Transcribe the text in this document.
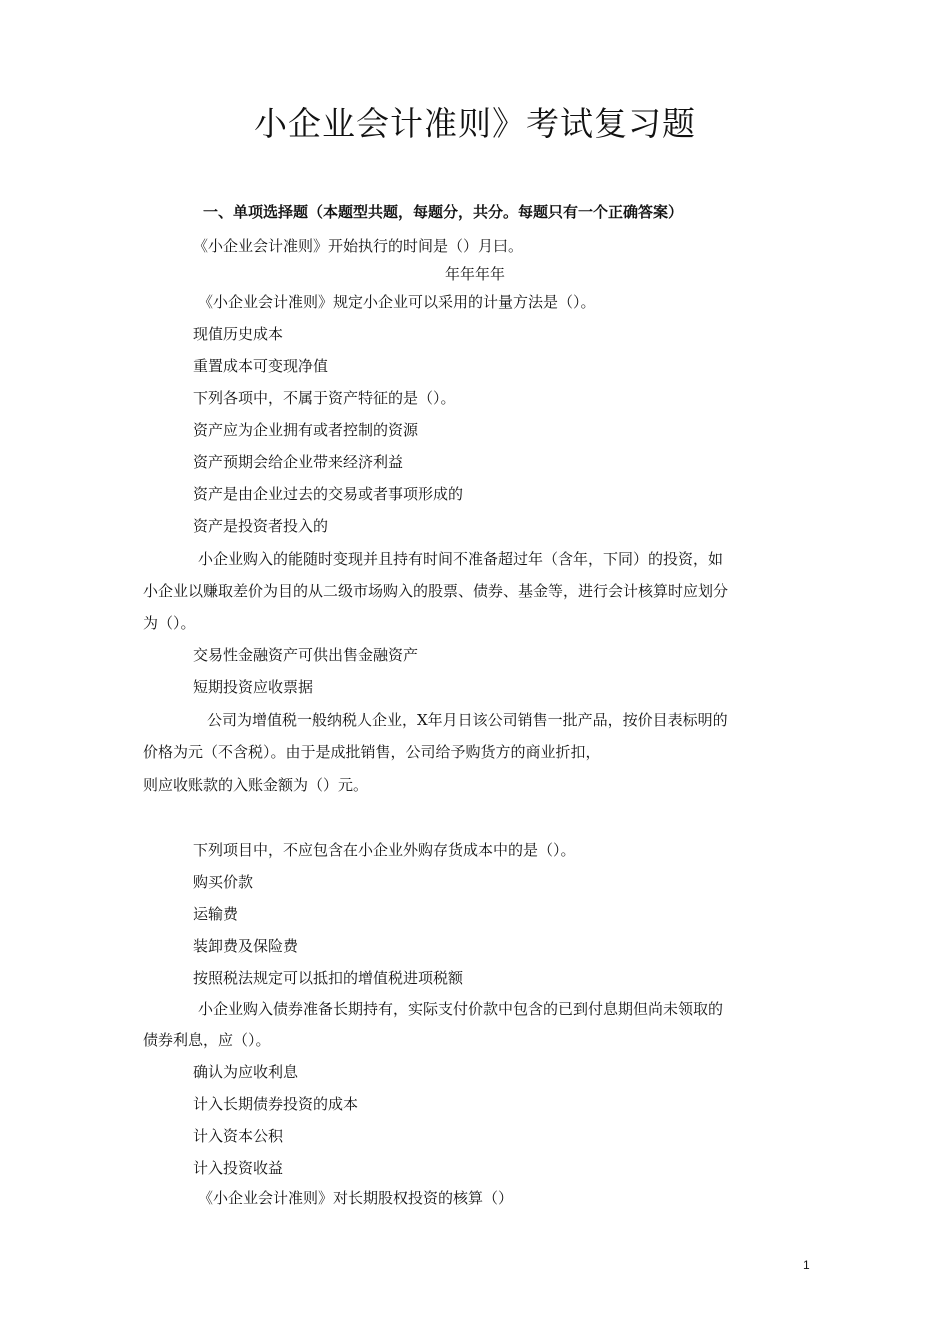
小企业会计准则》考试复习题
一、单项选择题（本题型共题，每题分，共分。每题只有一个正确答案）
《小企业会计准则》开始执行的时间是（）月曰。
年年年年
《小企业会计准则》规定小企业可以采用的计量方法是（）。
现值历史成本
重置成本可变现净值
下列各项中，不属于资产特征的是（）。
资产应为企业拥有或者控制的资源
资产预期会给企业带来经济利益
资产是由企业过去的交易或者事项形成的
资产是投资者投入的
小企业购入的能随时变现并且持有时间不准备超过年（含年，下同）的投资，如
小企业以赚取差价为目的从二级市场购入的股票、债券、基金等，进行会计核算时应划分
为（）。
交易性金融资产可供出售金融资产
短期投资应收票据
公司为增值税一般纳税人企业，X年月日该公司销售一批产品，按价目表标明的
价格为元（不含税）。由于是成批销售，公司给予购货方的商业折扣，
则应收账款的入账金额为（）元。
下列项目中，不应包含在小企业外购存货成本中的是（）。
购买价款
运输费
装卸费及保险费
按照税法规定可以抵扣的增值税进项税额
小企业购入债券准备长期持有，实际支付价款中包含的已到付息期但尚未领取的
债券利息，应（）。
确认为应收利息
计入长期债券投资的成本
计入资本公积
计入投资收益
《小企业会计准则》对长期股权投资的核算（）
1
